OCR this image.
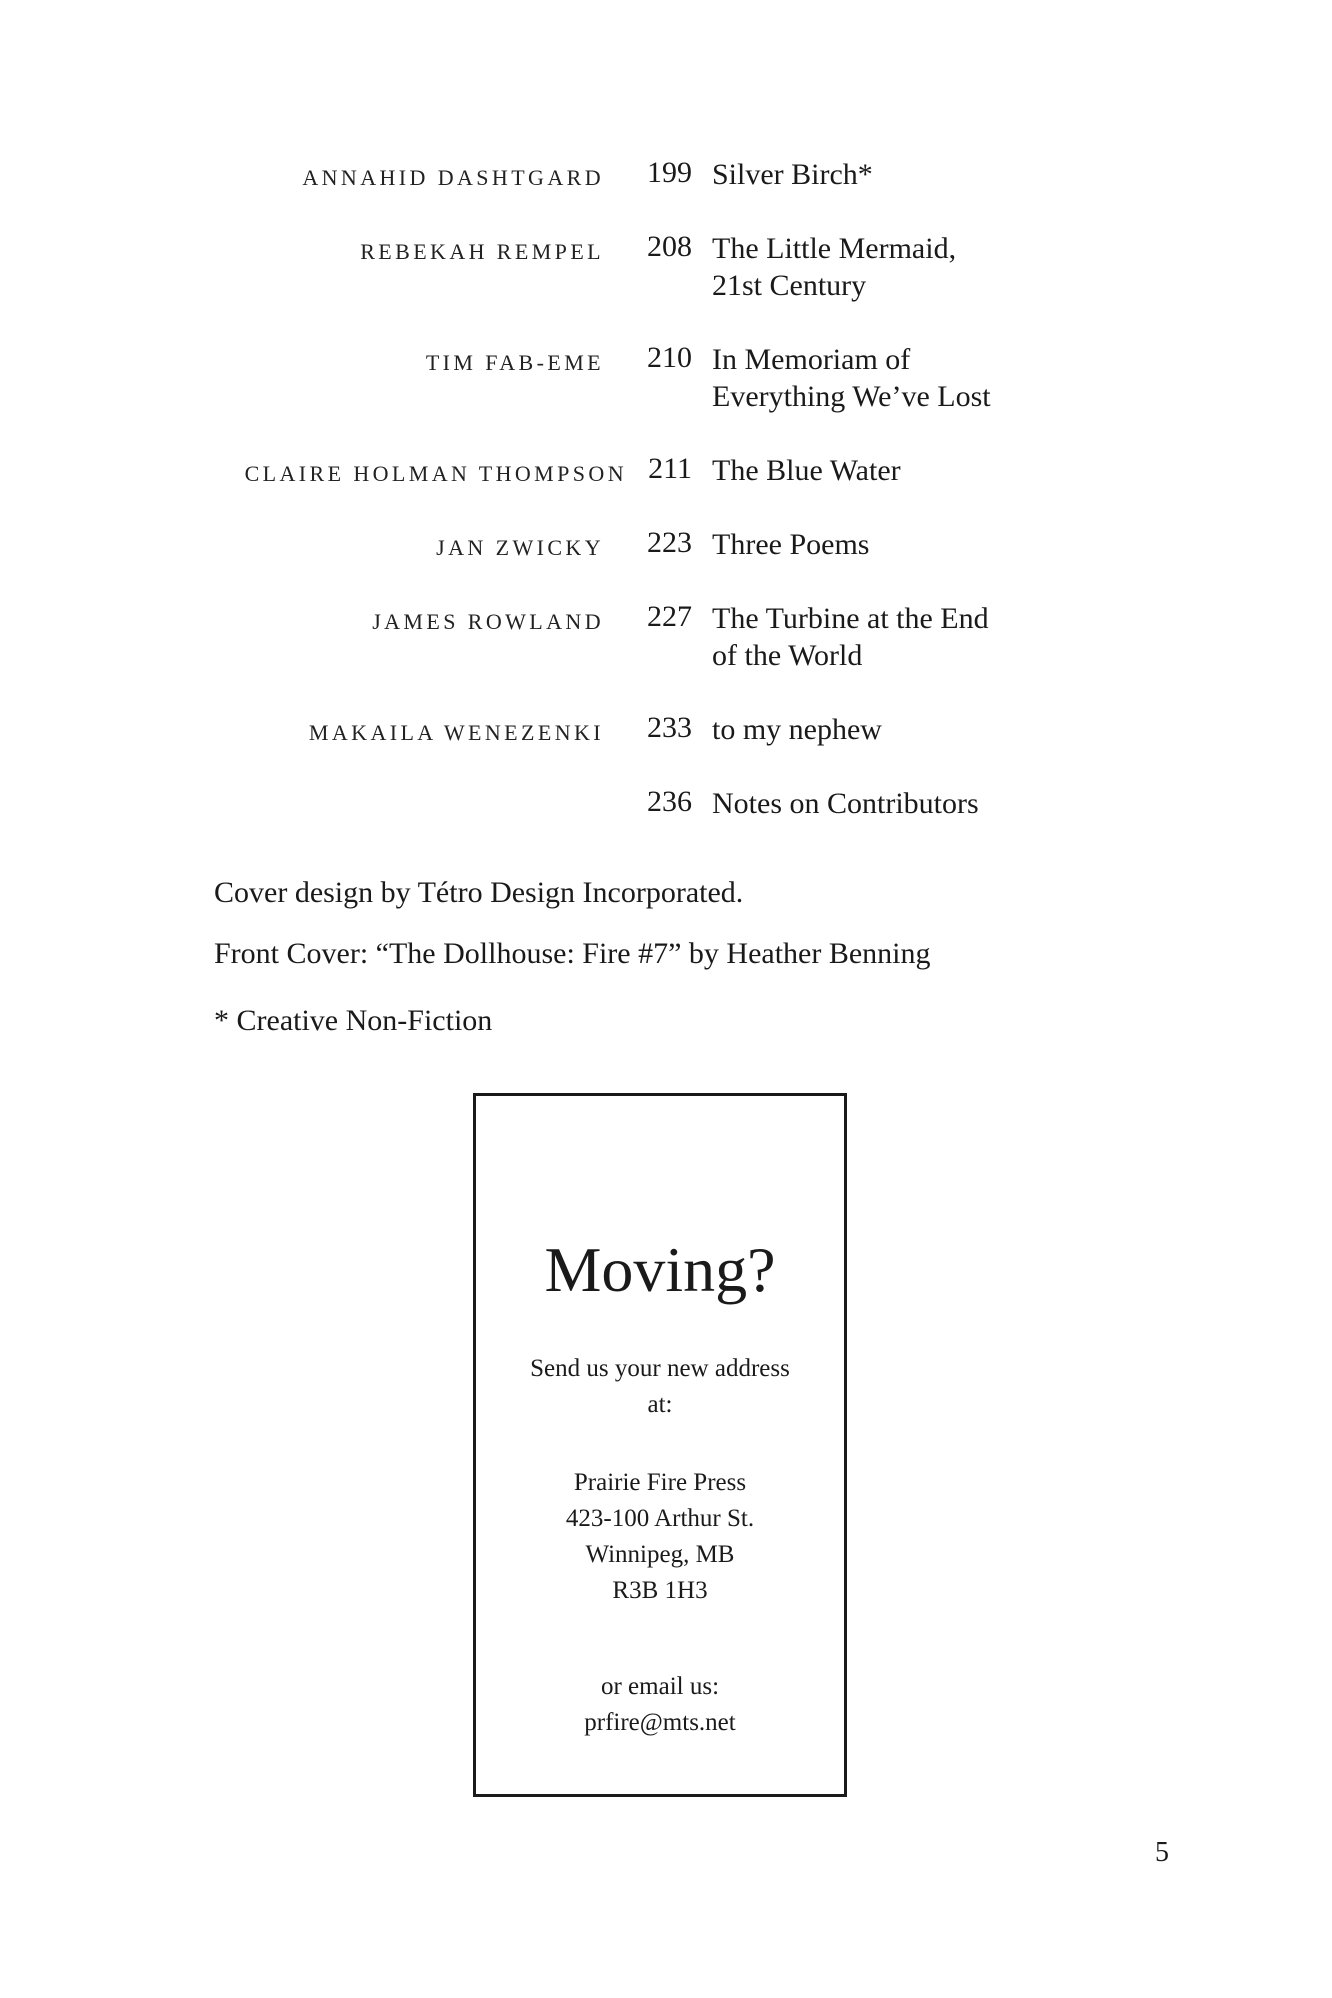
ANNAHID DASHTGARD	199 Silver Birch*
REBEKAH REMPEL	208 The Little Mermaid,
21st Century
TIM FAB-EME	210 In Memoriam of
Everything We’ve Lost
CLAIRE HOLMAN THOMPSON 211 The Blue Water
JAN ZWICKY	223 Three Poems
JAMES ROWLAND	227 The Turbine at the End
of the World
MAKAILA WENEZENKI	233 to my nephew
236 Notes on Contributors
Cover design by Tétro Design Incorporated.
Front Cover: “The Dollhouse: Fire #7” by Heather Benning
* Creative Non-Fiction
Moving?
Send us your new address
at:
Prairie Fire Press
423-100 Arthur St.
Winnipeg, MB
R3B 1H3
or email us:
prfire@mts.net
5
